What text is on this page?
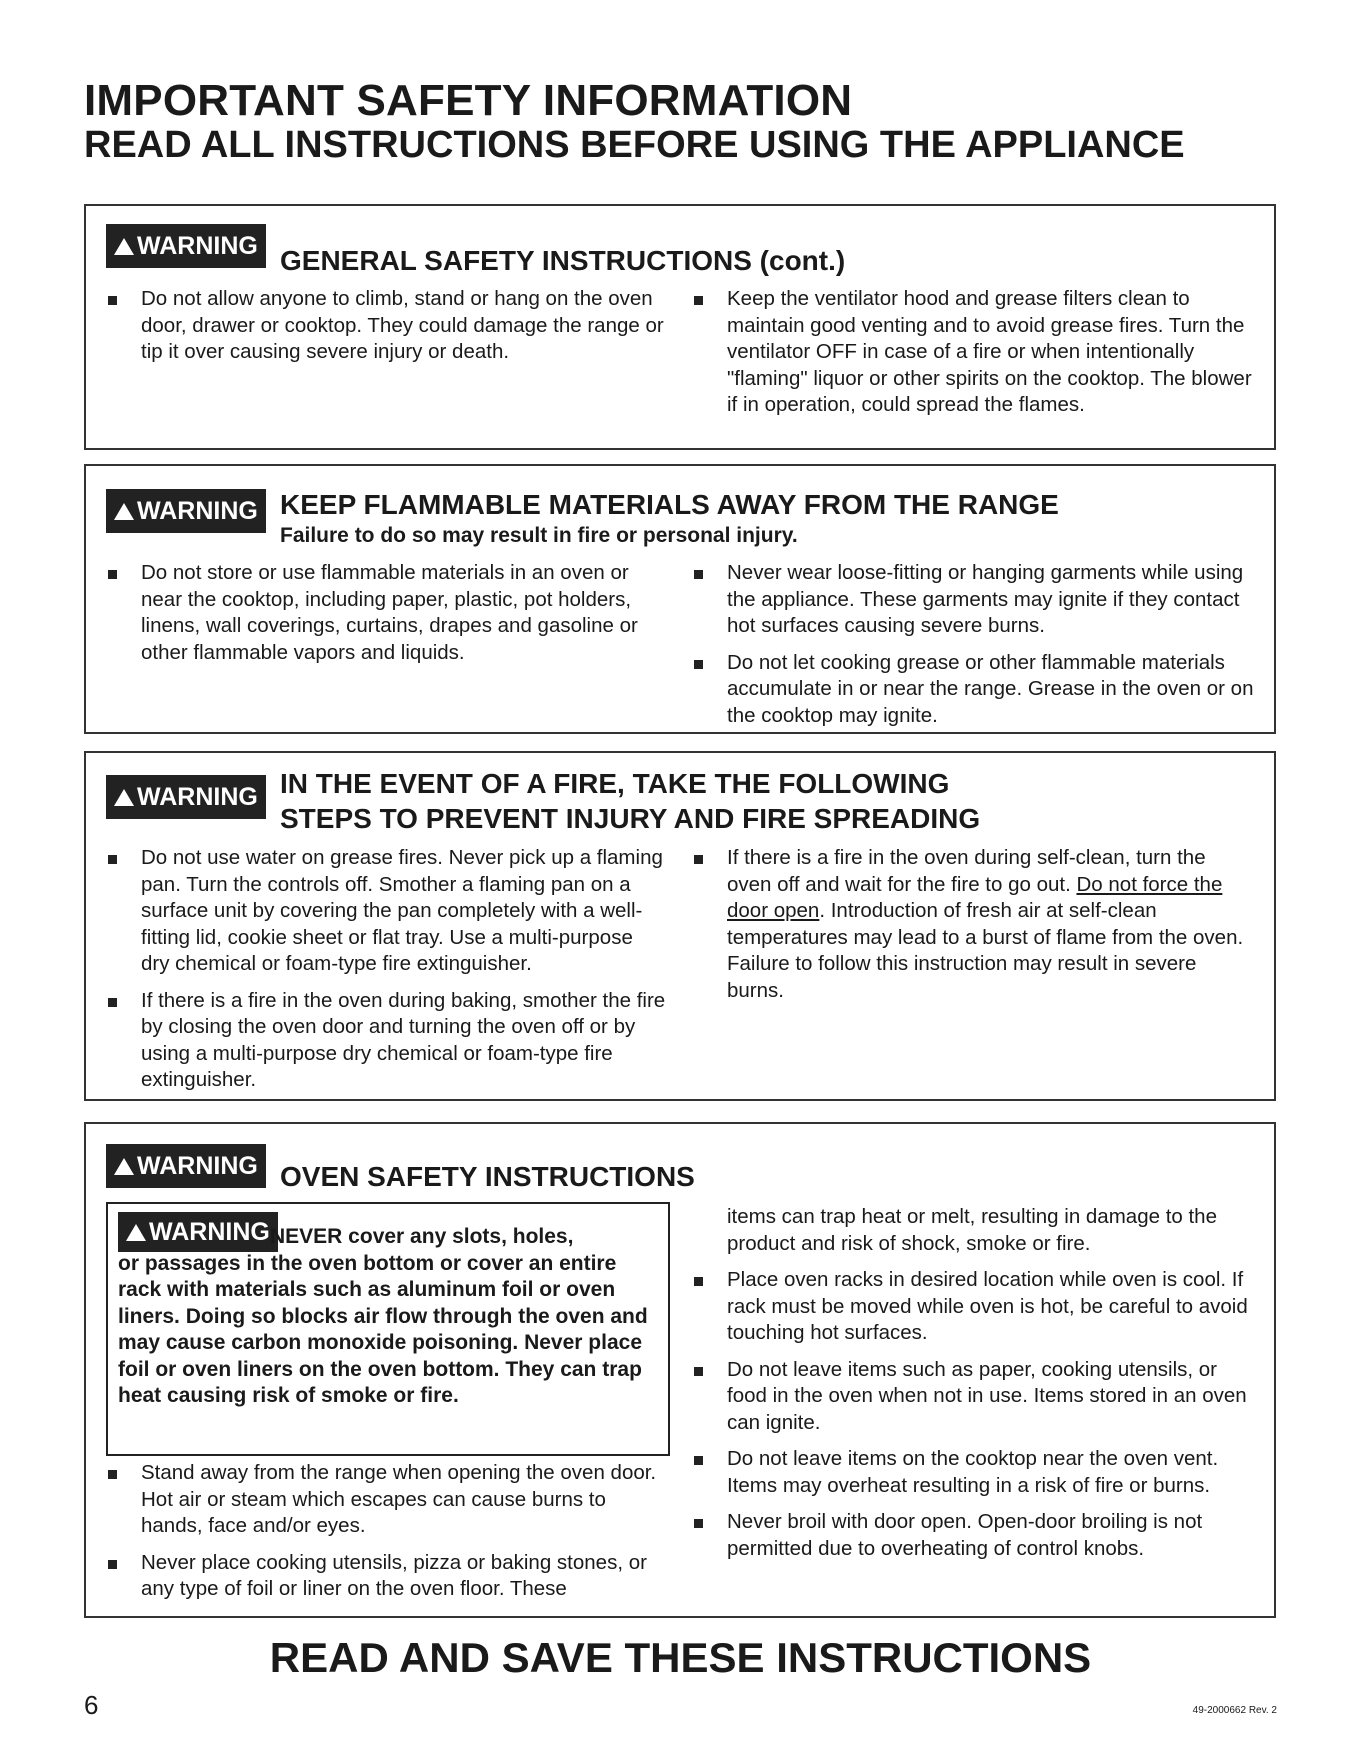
IMPORTANT SAFETY INFORMATION
READ ALL INSTRUCTIONS BEFORE USING THE APPLIANCE
WARNING GENERAL SAFETY INSTRUCTIONS (cont.)

Do not allow anyone to climb, stand or hang on the oven door, drawer or cooktop. They could damage the range or tip it over causing severe injury or death.

Keep the ventilator hood and grease filters clean to maintain good venting and to avoid grease fires. Turn the ventilator OFF in case of a fire or when intentionally "flaming" liquor or other spirits on the cooktop. The blower if in operation, could spread the flames.

WARNING KEEP FLAMMABLE MATERIALS AWAY FROM THE RANGE
Failure to do so may result in fire or personal injury.

Do not store or use flammable materials in an oven or near the cooktop, including paper, plastic, pot holders, linens, wall coverings, curtains, drapes and gasoline or other flammable vapors and liquids.

Never wear loose-fitting or hanging garments while using the appliance. These garments may ignite if they contact hot surfaces causing severe burns.

Do not let cooking grease or other flammable materials accumulate in or near the range. Grease in the oven or on the cooktop may ignite.

WARNING IN THE EVENT OF A FIRE, TAKE THE FOLLOWING
STEPS TO PREVENT INJURY AND FIRE SPREADING

Do not use water on grease fires. Never pick up a flaming pan. Turn the controls off. Smother a flaming pan on a surface unit by covering the pan completely with a well-fitting lid, cookie sheet or flat tray. Use a multi-purpose dry chemical or foam-type fire extinguisher.

If there is a fire in the oven during baking, smother the fire by closing the oven door and turning the oven off or by using a multi-purpose dry chemical or foam-type fire extinguisher.

If there is a fire in the oven during self-clean, turn the oven off and wait for the fire to go out. Do not force the door open. Introduction of fresh air at self-clean temperatures may lead to a burst of flame from the oven. Failure to follow this instruction may result in severe burns.

WARNING OVEN SAFETY INSTRUCTIONS
WARNING NEVER cover any slots, holes,
or passages in the oven bottom or cover an entire rack with materials such as aluminum foil or oven liners. Doing so blocks air flow through the oven and may cause carbon monoxide poisoning. Never place foil or oven liners on the oven bottom. They can trap heat causing risk of smoke or fire.

Stand away from the range when opening the oven door. Hot air or steam which escapes can cause burns to hands, face and/or eyes.

Never place cooking utensils, pizza or baking stones, or any type of foil or liner on the oven floor. These

items can trap heat or melt, resulting in damage to the product and risk of shock, smoke or fire.

Place oven racks in desired location while oven is cool. If rack must be moved while oven is hot, be careful to avoid touching hot surfaces.

Do not leave items such as paper, cooking utensils, or food in the oven when not in use. Items stored in an oven can ignite.

Do not leave items on the cooktop near the oven vent. Items may overheat resulting in a risk of fire or burns.

Never broil with door open. Open-door broiling is not permitted due to overheating of control knobs.

READ AND SAVE THESE INSTRUCTIONS
6	49-2000662 Rev. 2
